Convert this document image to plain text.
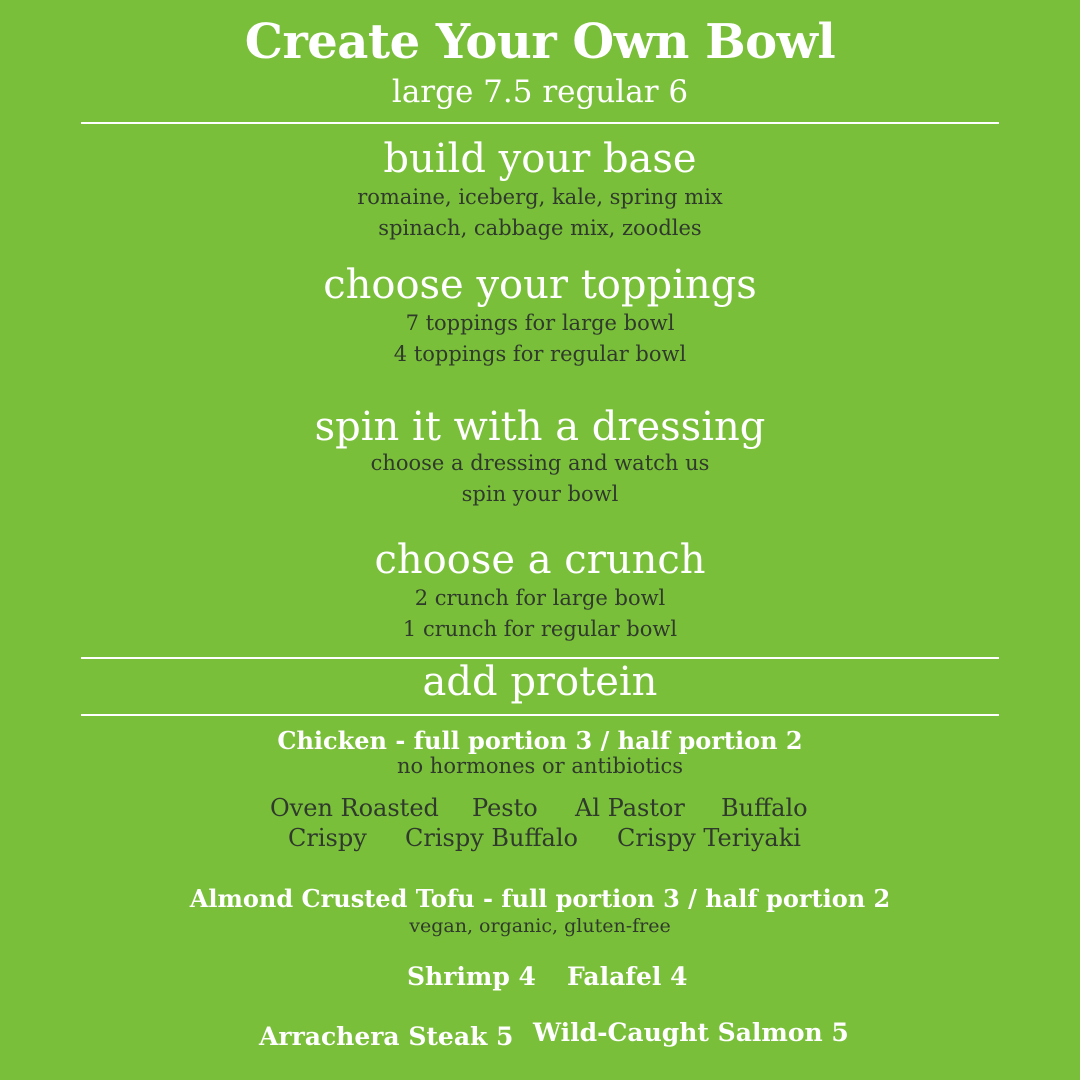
Create Your Own Bowl
large 7.5 regular 6
build your base
romaine, iceberg, kale, spring mix
spinach, cabbage mix, zoodles
choose your toppings
7 toppings for large bowl
4 toppings for regular bowl
spin it with a dressing
choose a dressing and watch us
spin your bowl
choose a crunch
2 crunch for large bowl
1 crunch for regular bowl
add protein
Chicken - full portion 3 / half portion 2
no hormones or antibiotics
Oven Roasted Pesto Al Pastor Buffalo
Crispy Crispy Buffalo Crispy Teriyaki
Almond Crusted Tofu - full portion 3 / half portion 2
vegan, organic, gluten-free
Shrimp 4 Falafel 4
Arrachera Steak 5 Wild-Caught Salmon 5
